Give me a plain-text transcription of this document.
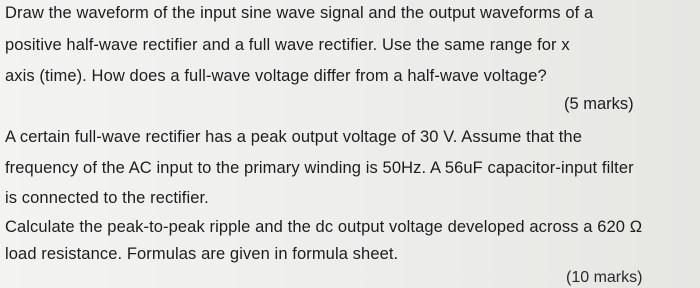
Draw the waveform of the input sine wave signal and the output waveforms of a
positive half-wave rectifier and a full wave rectifier. Use the same range for x
axis (time). How does a full-wave voltage differ from a half-wave voltage?
(5 marks)
A certain full-wave rectifier has a peak output voltage of 30 V. Assume that the
frequency of the AC input to the primary winding is 50Hz. A 56uF capacitor-input filter
is connected to the rectifier.
Calculate the peak-to-peak ripple and the dc output voltage developed across a 620 Ω
load resistance. Formulas are given in formula sheet.
(10 marks)
